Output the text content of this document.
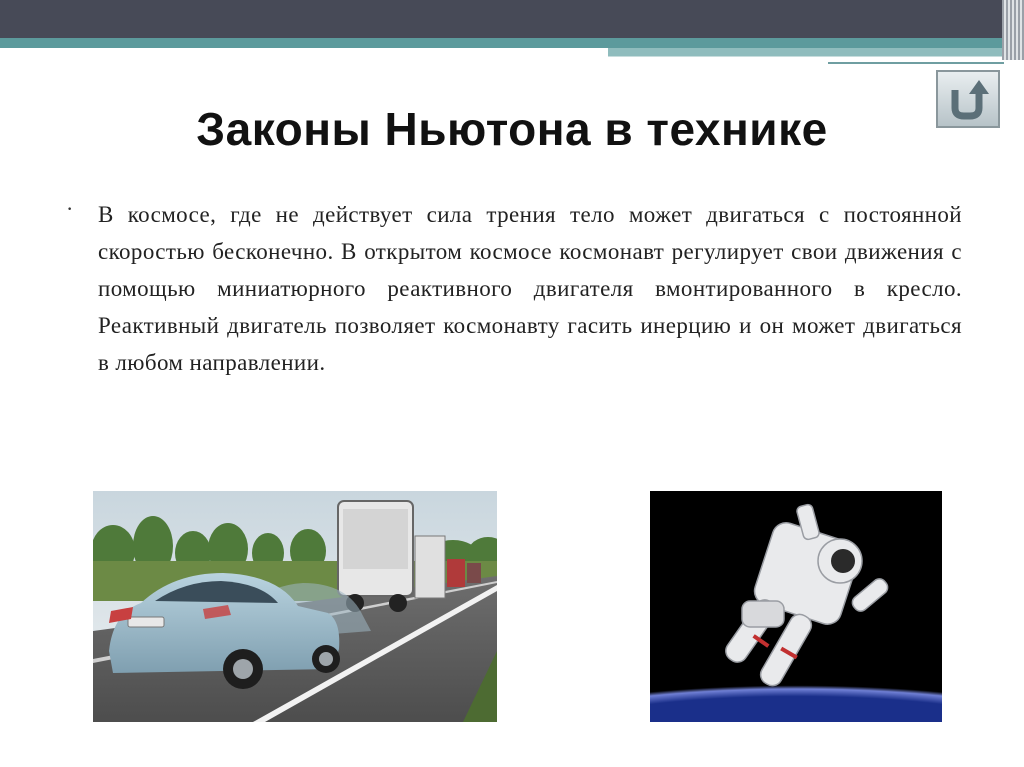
Законы Ньютона в технике
· В космосе, где не действует сила трения тело может двигаться с постоянной скоростью бесконечно. В открытом космосе космонавт регулирует свои движения с помощью миниатюрного реактивного двигателя вмонтированного в кресло. Реактивный двигатель позволяет космонавту гасить инерцию и он может двигаться в любом направлении.
